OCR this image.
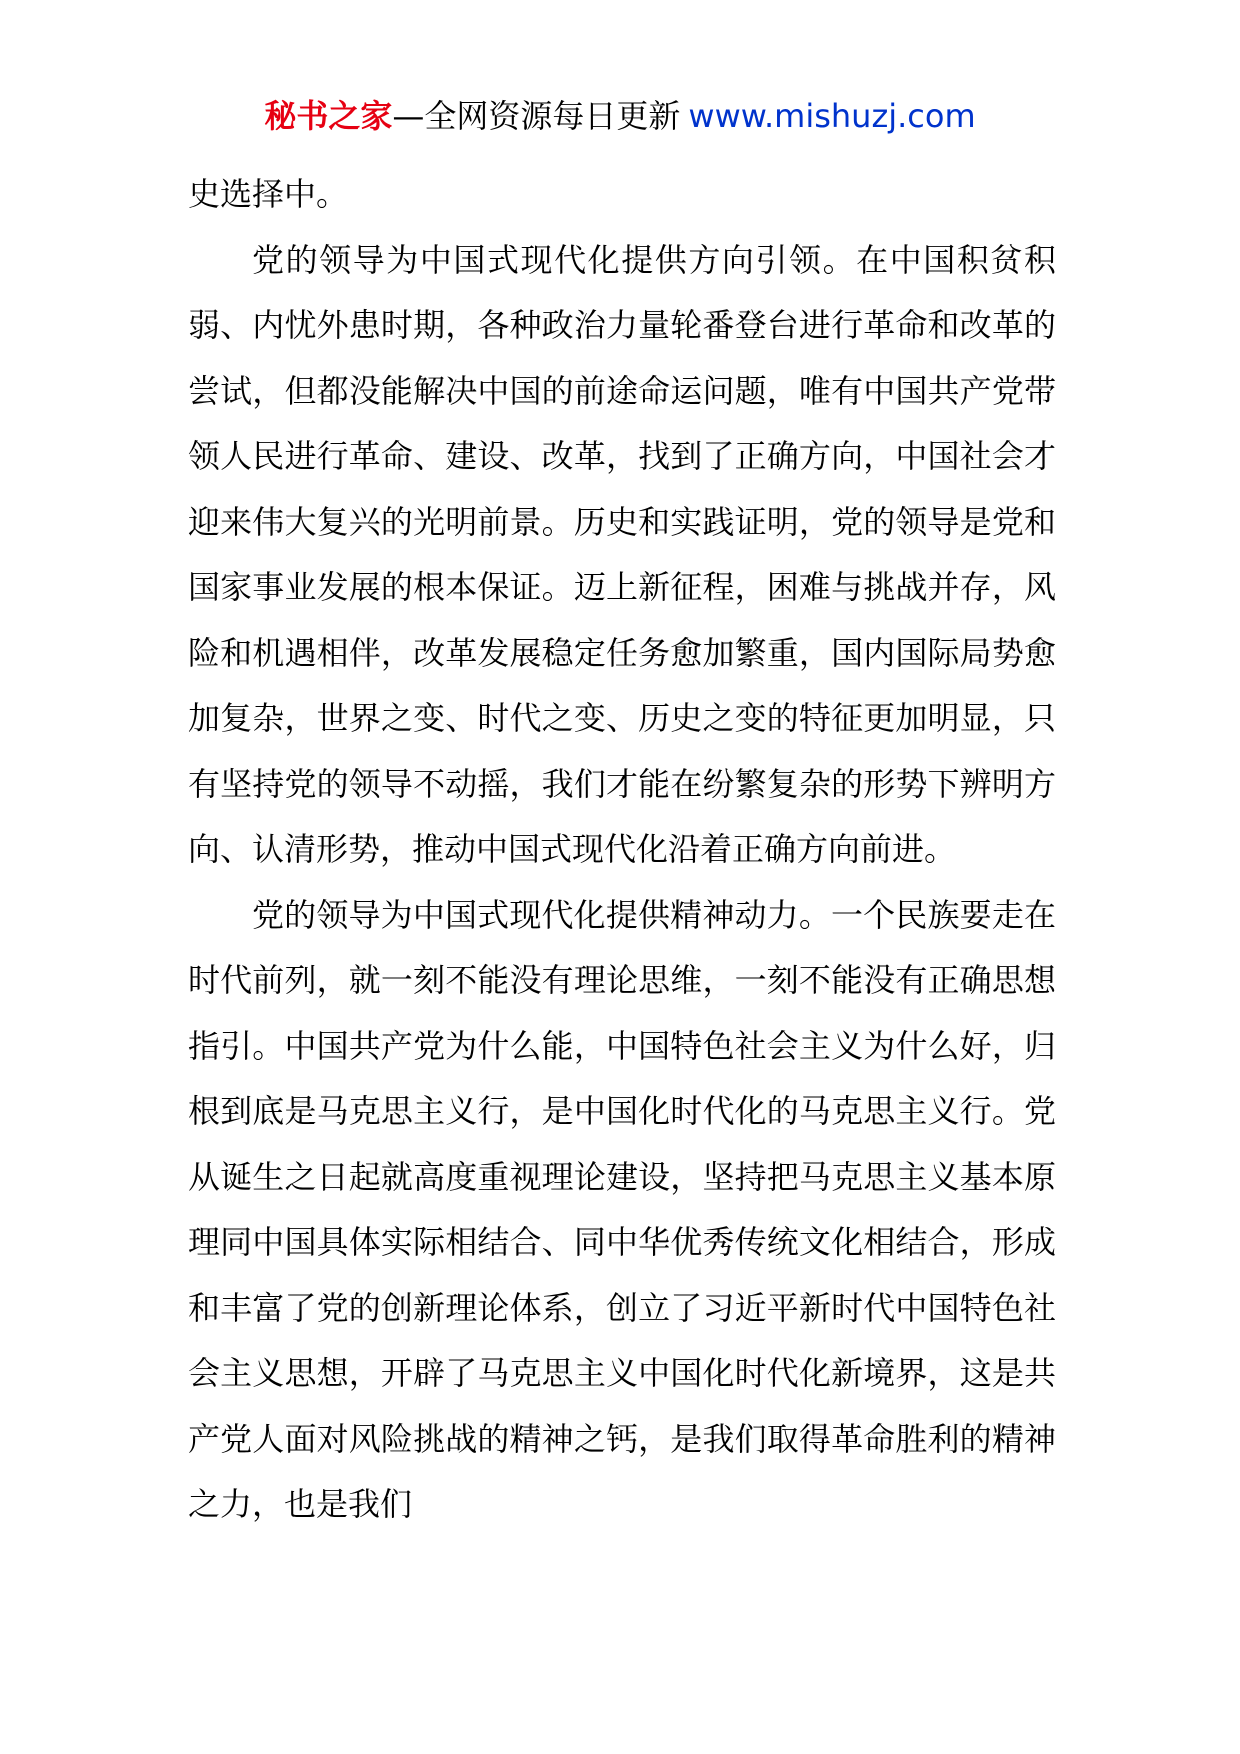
秘书之家—全网资源每日更新 www.mishuzj.com

史选择中。

党的领导为中国式现代化提供方向引领。在中国积贫积弱、内忧外患时期，各种政治力量轮番登台进行革命和改革的尝试，但都没能解决中国的前途命运问题，唯有中国共产党带领人民进行革命、建设、改革，找到了正确方向，中国社会才迎来伟大复兴的光明前景。历史和实践证明，党的领导是党和国家事业发展的根本保证。迈上新征程，困难与挑战并存，风险和机遇相伴，改革发展稳定任务愈加繁重，国内国际局势愈加复杂，世界之变、时代之变、历史之变的特征更加明显，只有坚持党的领导不动摇，我们才能在纷繁复杂的形势下辨明方向、认清形势，推动中国式现代化沿着正确方向前进。

党的领导为中国式现代化提供精神动力。一个民族要走在时代前列，就一刻不能没有理论思维，一刻不能没有正确思想指引。中国共产党为什么能，中国特色社会主义为什么好，归根到底是马克思主义行，是中国化时代化的马克思主义行。党从诞生之日起就高度重视理论建设，坚持把马克思主义基本原理同中国具体实际相结合、同中华优秀传统文化相结合，形成和丰富了党的创新理论体系，创立了习近平新时代中国特色社会主义思想，开辟了马克思主义中国化时代化新境界，这是共产党人面对风险挑战的精神之钙，是我们取得革命胜利的精神之力，也是我们
